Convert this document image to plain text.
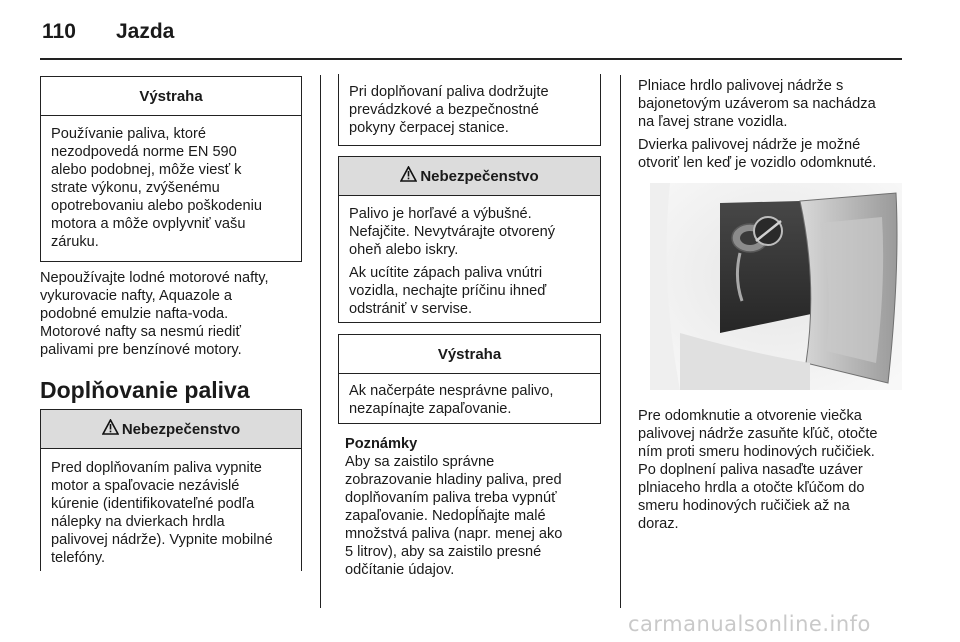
110 Jazda
Výstraha
Používanie paliva, ktoré
nezodpovedá norme EN 590
alebo podobnej, môže viesť k
strate výkonu, zvýšenému
opotrebovaniu alebo poškodeniu
motora a môže ovplyvniť vašu
záruku.
Nepoužívajte lodné motorové nafty,
vykurovacie nafty, Aquazole a
podobné emulzie nafta-voda.
Motorové nafty sa nesmú riediť
palivami pre benzínové motory.
Doplňovanie paliva
Nebezpečenstvo
Pred doplňovaním paliva vypnite
motor a spaľovacie nezávislé
kúrenie (identifikovateľné podľa
nálepky na dvierkach hrdla
palivovej nádrže). Vypnite mobilné
telefóny.
Pri doplňovaní paliva dodržujte
prevádzkové a bezpečnostné
pokyny čerpacej stanice.
Nebezpečenstvo

Palivo je horľavé a výbušné.
Nefajčite. Nevytvárajte otvorený
oheň alebo iskry.

Ak ucítite zápach paliva vnútri
vozidla, nechajte príčinu ihneď
odstrániť v servise.

Výstraha
Ak načerpáte nesprávne palivo,
nezapínajte zapaľovanie.
Poznámky
Aby sa zaistilo správne
zobrazovanie hladiny paliva, pred
doplňovaním paliva treba vypnúť
zapaľovanie. Nedopĺňajte malé
množstvá paliva (napr. menej ako
5 litrov), aby sa zaistilo presné
odčítanie údajov.
Plniace hrdlo palivovej nádrže s
bajonetovým uzáverom sa nachádza
na ľavej strane vozidla.
Dvierka palivovej nádrže je možné
otvoriť len keď je vozidlo odomknuté.
Pre odomknutie a otvorenie viečka
palivovej nádrže zasuňte kľúč, otočte
ním proti smeru hodinových ručičiek.
Po doplnení paliva nasaďte uzáver
plniaceho hrdla a otočte kľúčom do
smeru hodinových ručičiek až na
doraz.
carmanualsonline.info
